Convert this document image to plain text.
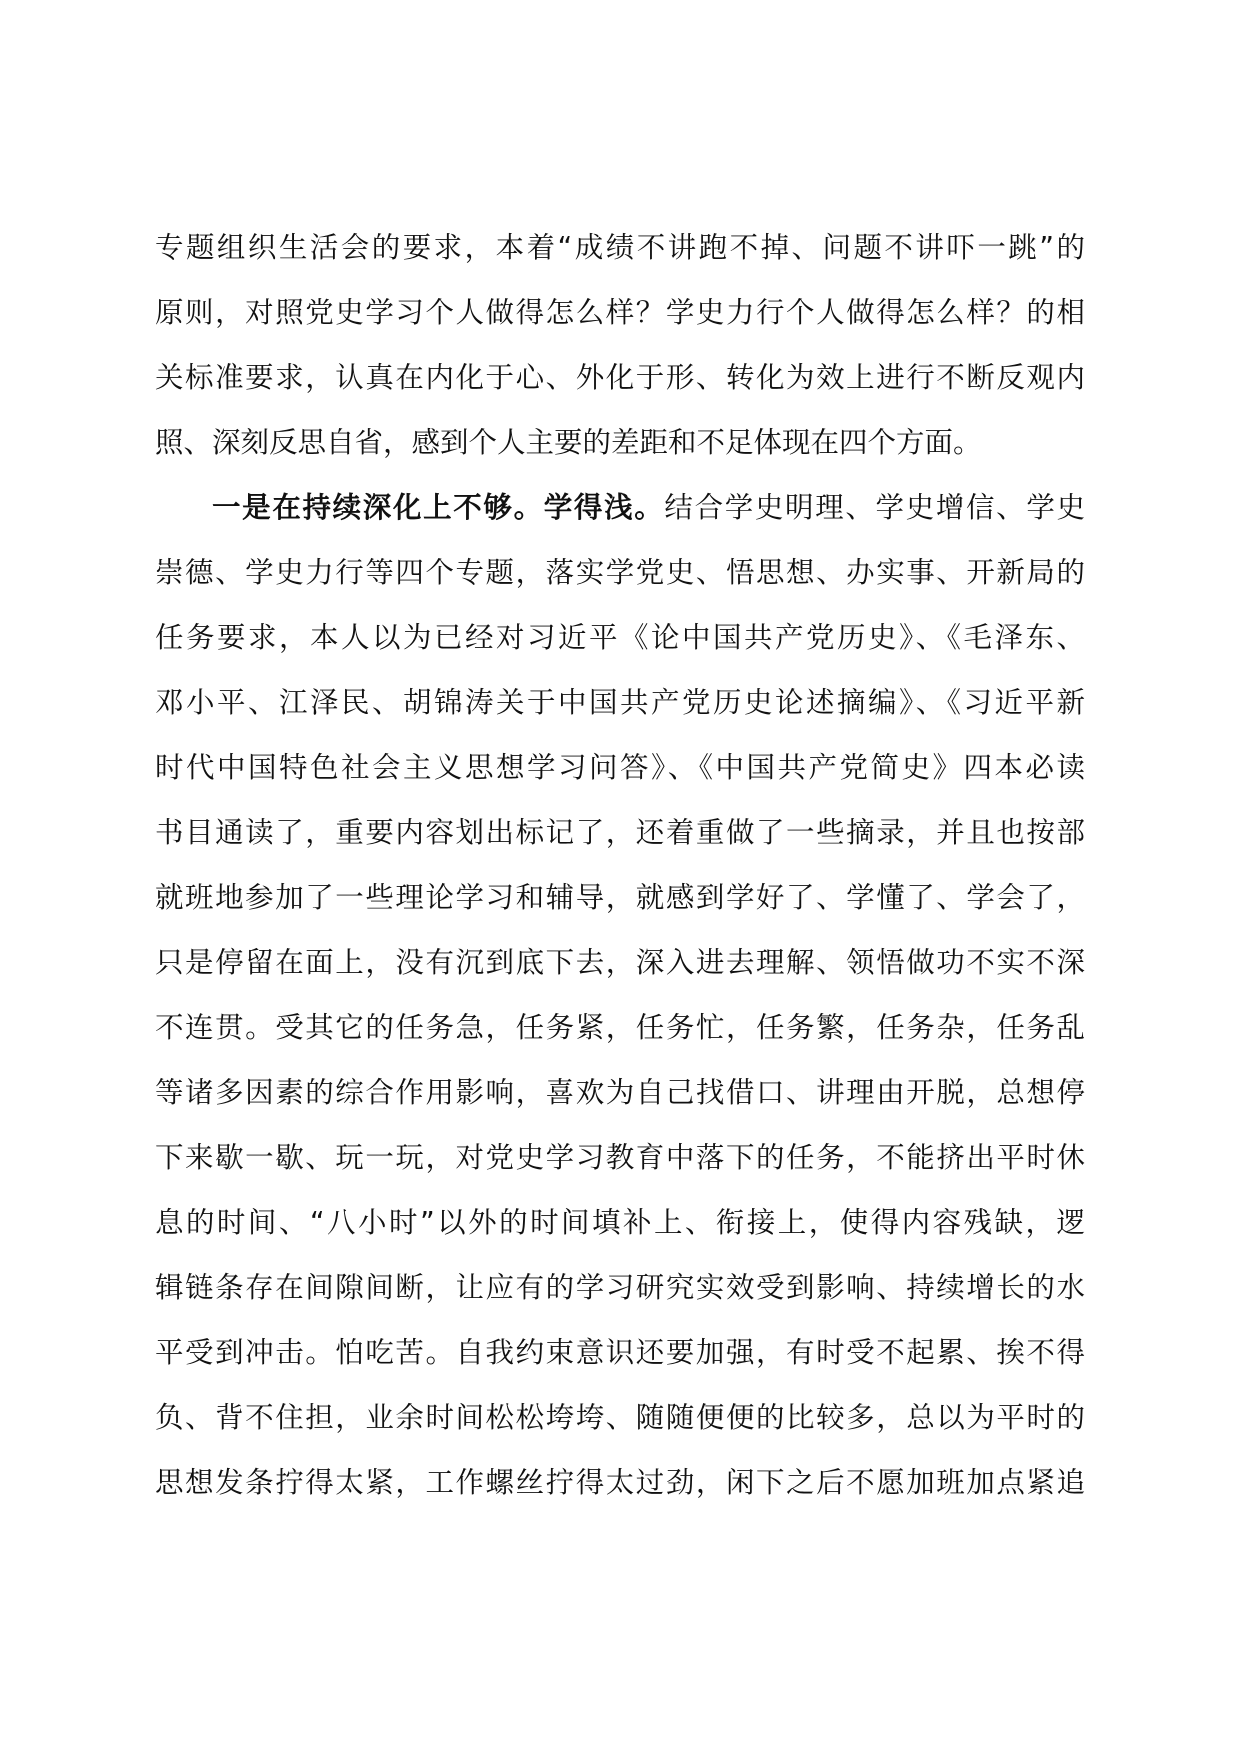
专题组织生活会的要求，本着“成绩不讲跑不掉、问题不讲吓一跳”的
原则，对照党史学习个人做得怎么样？学史力行个人做得怎么样？的相
关标准要求，认真在内化于心、外化于形、转化为效上进行不断反观内
照、深刻反思自省，感到个人主要的差距和不足体现在四个方面。
一是在持续深化上不够。学得浅。结合学史明理、学史增信、学史
崇德、学史力行等四个专题，落实学党史、悟思想、办实事、开新局的
任务要求，本人以为已经对习近平《论中国共产党历史》、《毛泽东、
邓小平、江泽民、胡锦涛关于中国共产党历史论述摘编》、《习近平新
时代中国特色社会主义思想学习问答》、《中国共产党简史》四本必读
书目通读了，重要内容划出标记了，还着重做了一些摘录，并且也按部
就班地参加了一些理论学习和辅导，就感到学好了、学懂了、学会了，
只是停留在面上，没有沉到底下去，深入进去理解、领悟做功不实不深
不连贯。受其它的任务急，任务紧，任务忙，任务繁，任务杂，任务乱
等诸多因素的综合作用影响，喜欢为自己找借口、讲理由开脱，总想停
下来歇一歇、玩一玩，对党史学习教育中落下的任务，不能挤出平时休
息的时间、“八小时”以外的时间填补上、衔接上，使得内容残缺，逻
辑链条存在间隙间断，让应有的学习研究实效受到影响、持续增长的水
平受到冲击。怕吃苦。自我约束意识还要加强，有时受不起累、挨不得
负、背不住担，业余时间松松垮垮、随随便便的比较多，总以为平时的
思想发条拧得太紧，工作螺丝拧得太过劲，闲下之后不愿加班加点紧追
